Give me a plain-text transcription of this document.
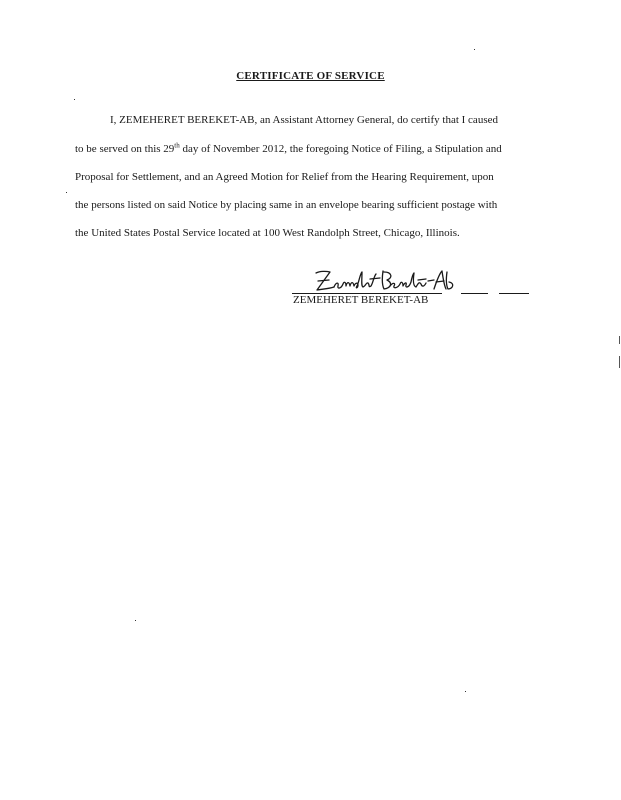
CERTIFICATE OF SERVICE

I, ZEMEHERET BEREKET-AB, an Assistant Attorney General, do certify that I caused

to be served on this 29th day of November 2012, the foregoing Notice of Filing, a Stipulation and

Proposal for Settlement, and an Agreed Motion for Relief from the Hearing Requirement, upon

the persons listed on said Notice by placing same in an envelope bearing sufficient postage with

the United States Postal Service located at 100 West Randolph Street, Chicago, Illinois.

ZEMEHERET BEREKET-AB
